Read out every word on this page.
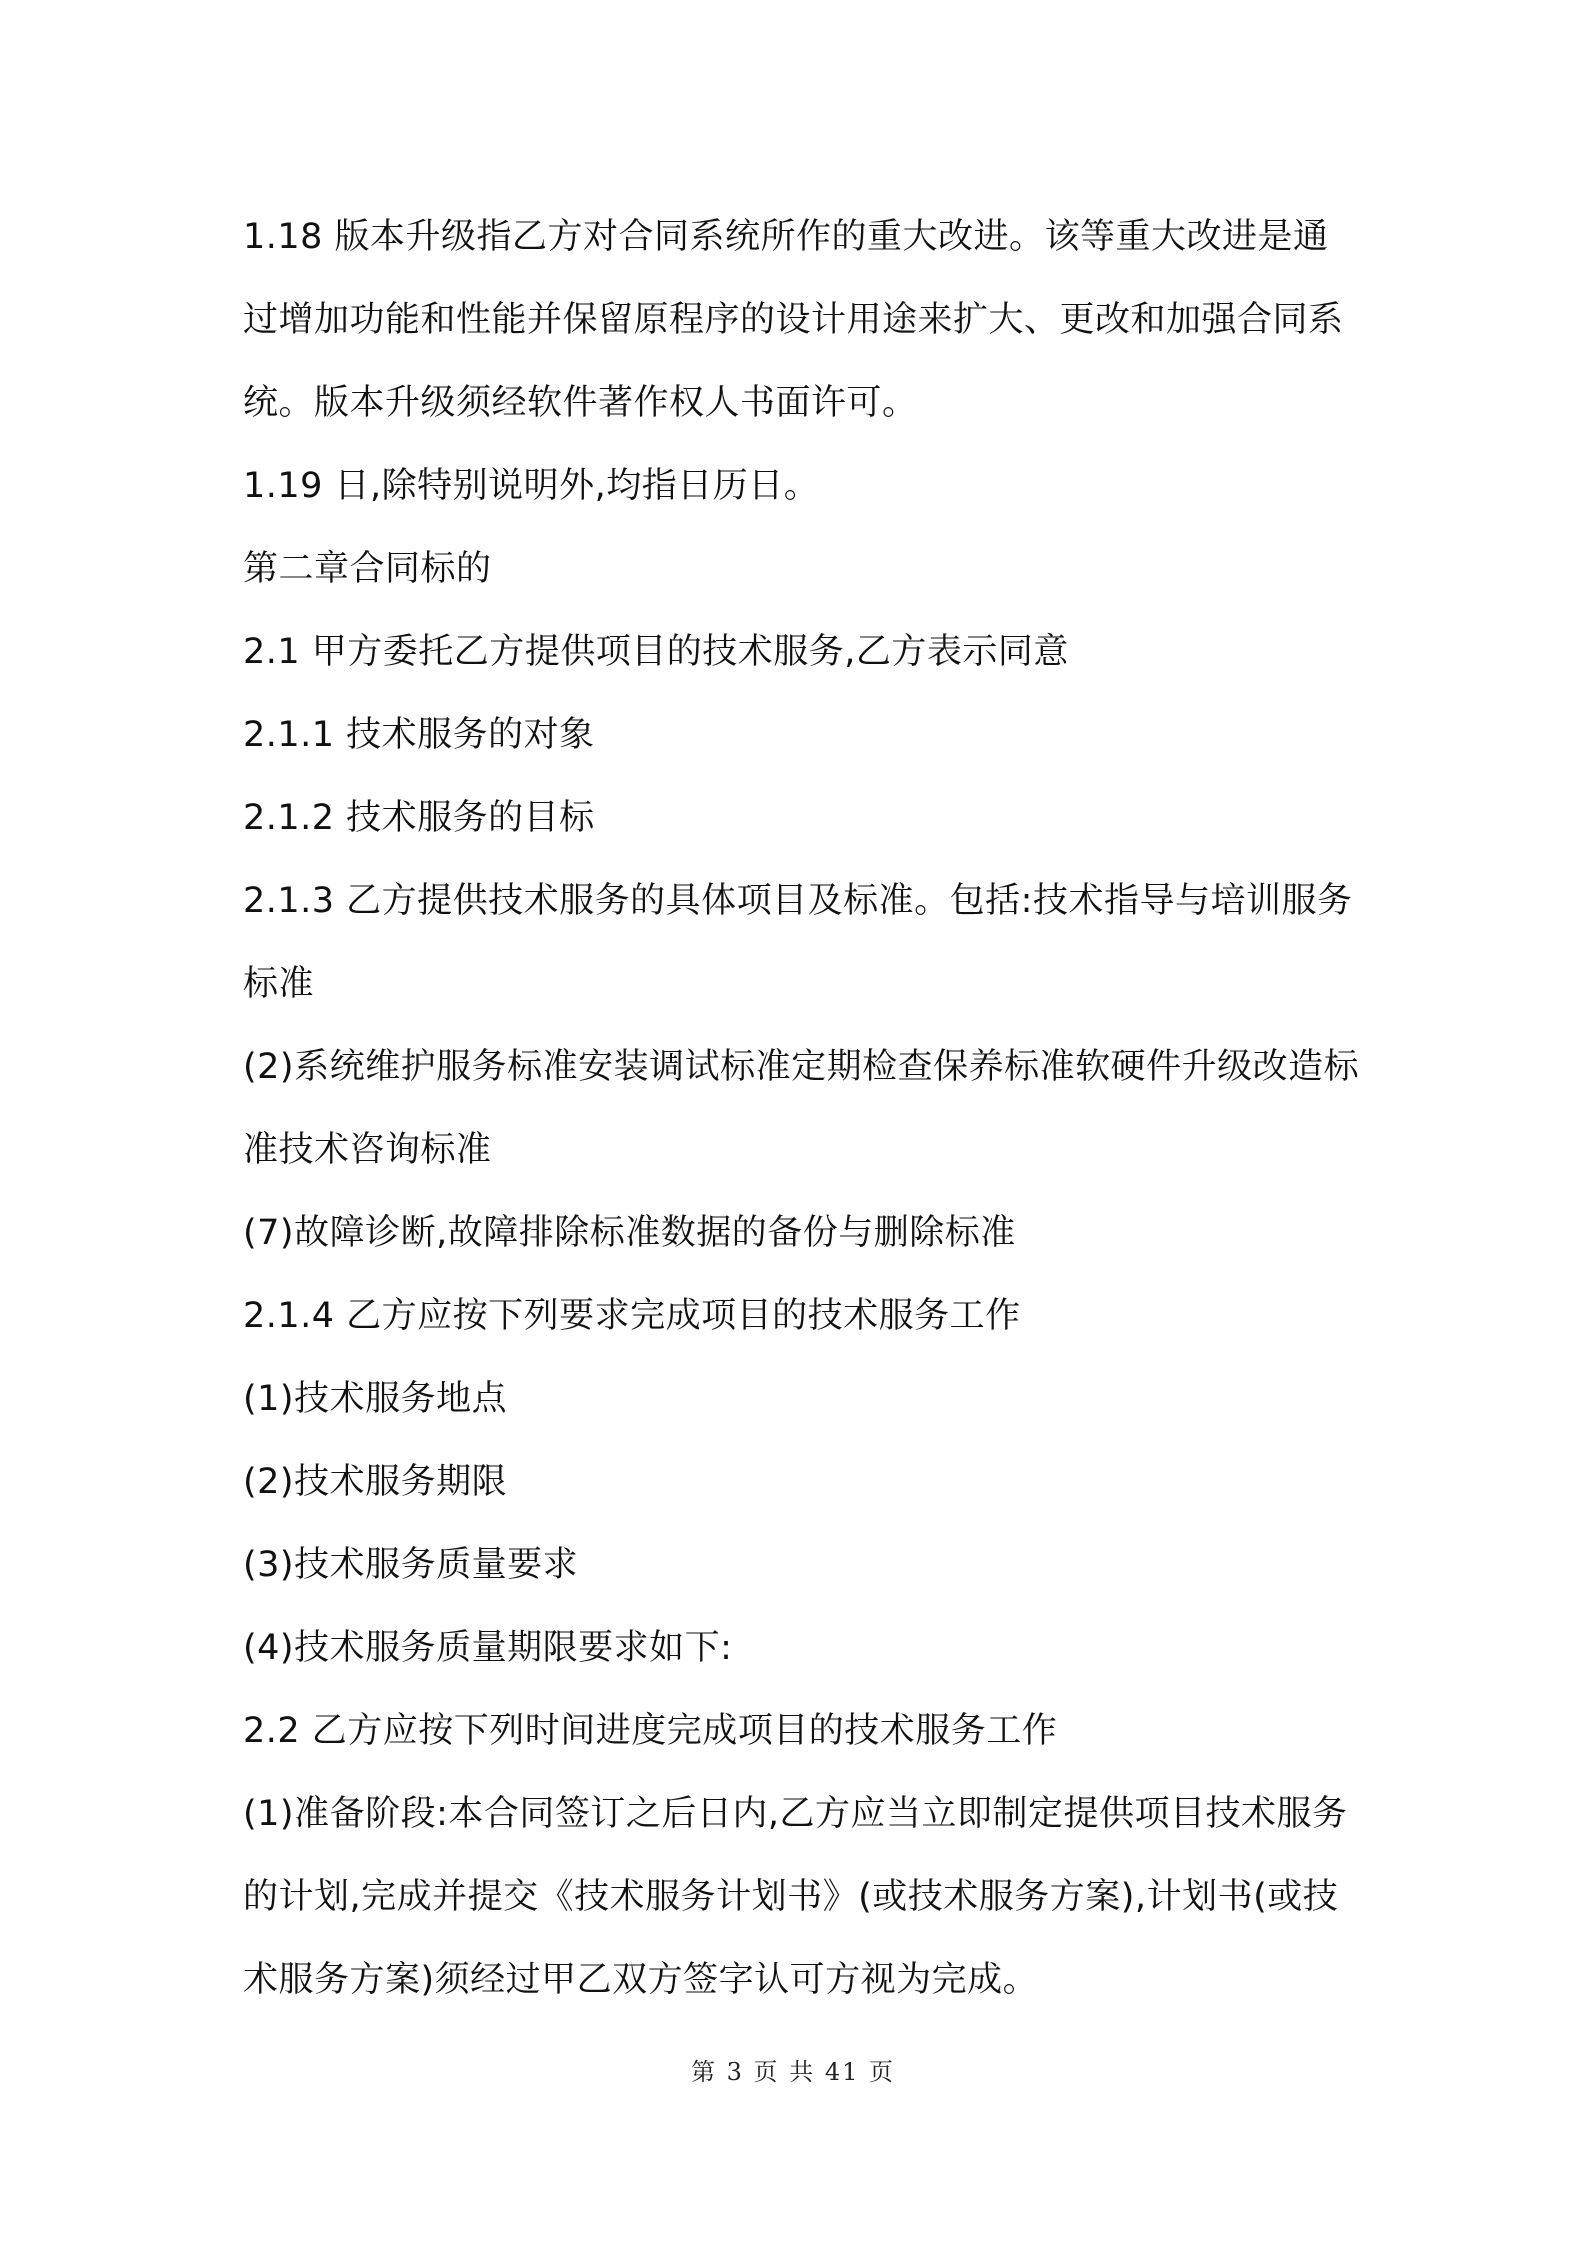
1.18 版本升级指乙方对合同系统所作的重大改进。该等重大改进是通过增加功能和性能并保留原程序的设计用途来扩大、更改和加强合同系统。版本升级须经软件著作权人书面许可。

1.19 日,除特别说明外,均指日历日。

第二章合同标的

2.1 甲方委托乙方提供项目的技术服务,乙方表示同意

2.1.1 技术服务的对象

2.1.2 技术服务的目标

2.1.3 乙方提供技术服务的具体项目及标准。包括:技术指导与培训服务标准

(2)系统维护服务标准安装调试标准定期检查保养标准软硬件升级改造标准技术咨询标准

(7)故障诊断,故障排除标准数据的备份与删除标准

2.1.4 乙方应按下列要求完成项目的技术服务工作

(1)技术服务地点

(2)技术服务期限

(3)技术服务质量要求

(4)技术服务质量期限要求如下:

2.2 乙方应按下列时间进度完成项目的技术服务工作

(1)准备阶段:本合同签订之后日内,乙方应当立即制定提供项目技术服务的计划,完成并提交《技术服务计划书》(或技术服务方案),计划书(或技术服务方案)须经过甲乙双方签字认可方视为完成。

第 3 页 共 41 页
